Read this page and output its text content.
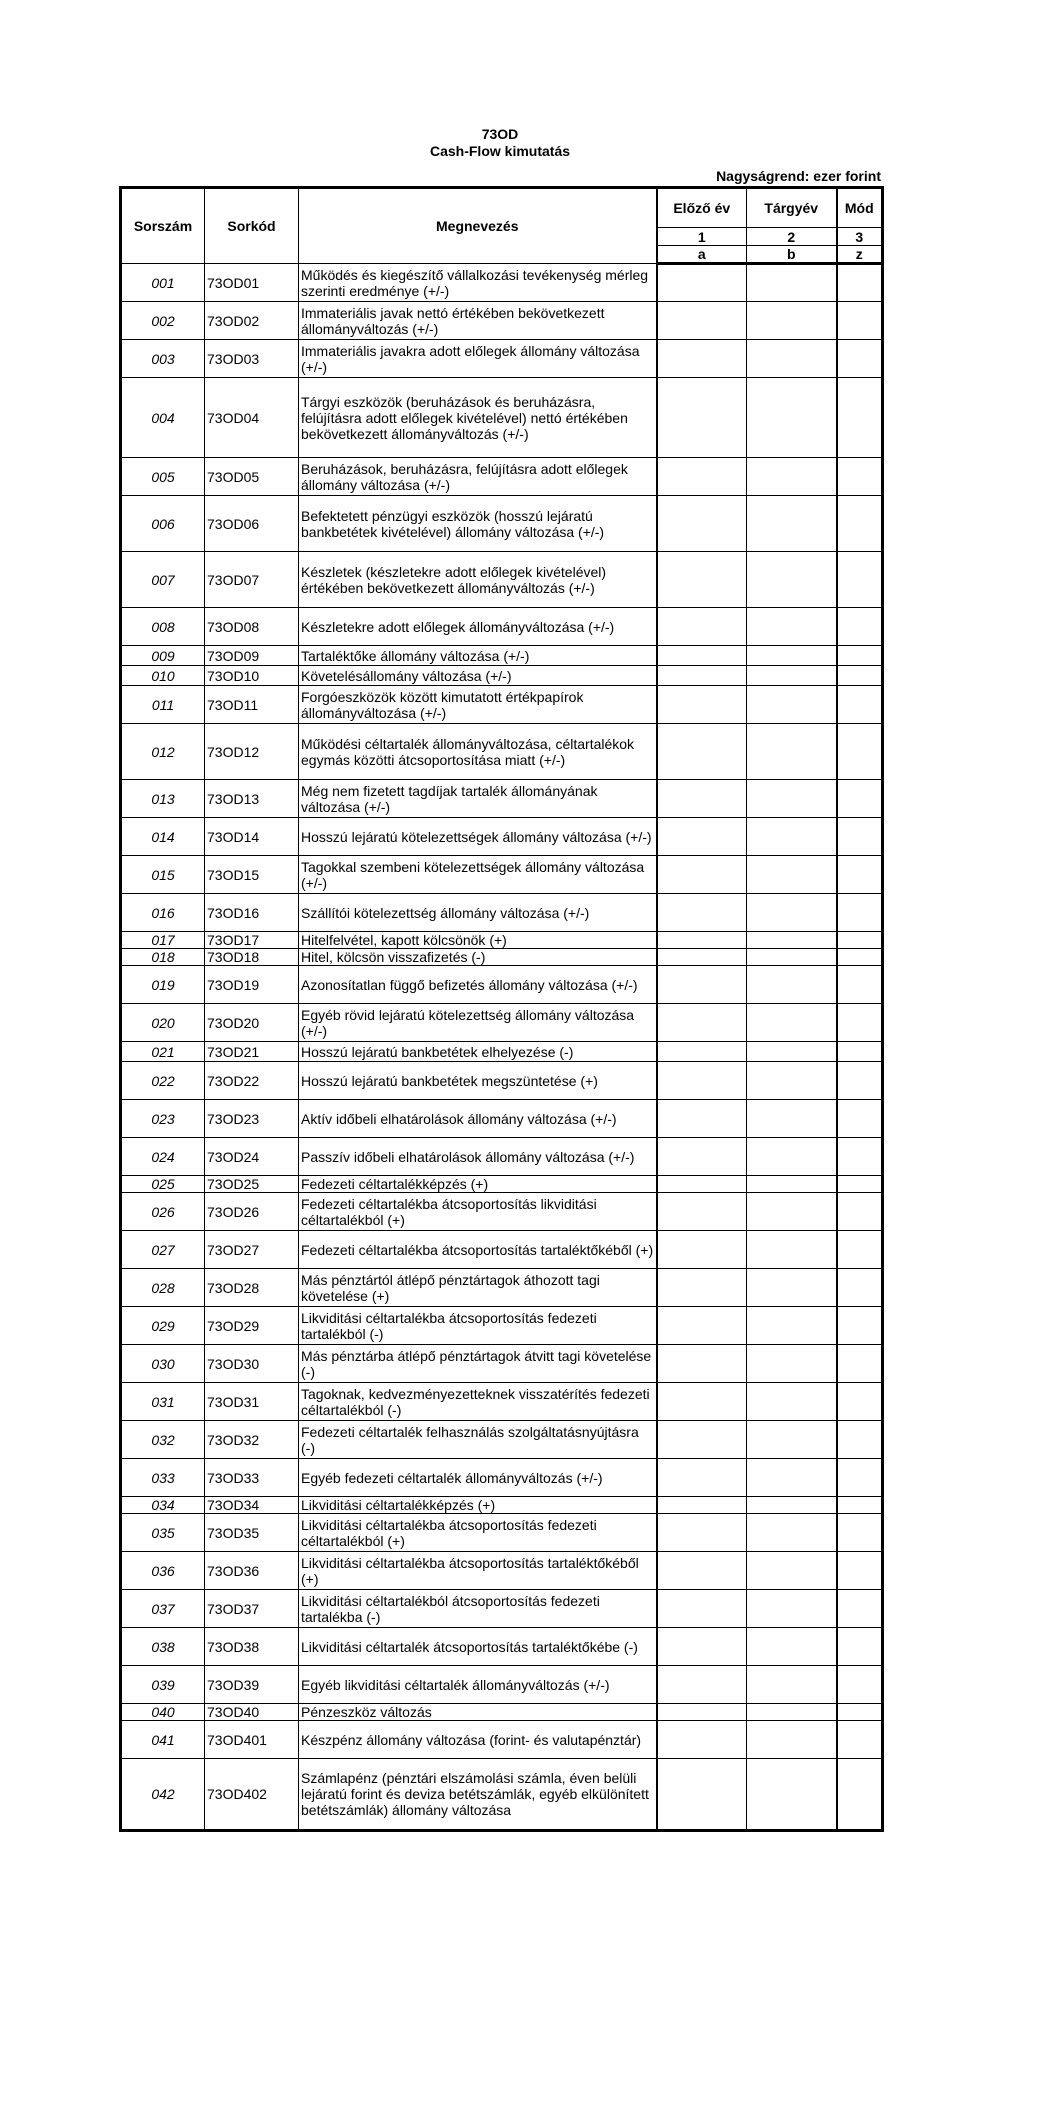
73OD
Cash-Flow kimutatás
Nagyságrend: ezer forint
Sorszám	Sorkód	Megnevezés	Előző év	Tárgyév	Mód
			1	2	3
			a	b	z
001	73OD01	Működés és kiegészítő vállalkozási tevékenység mérleg szerinti eredménye (+/-)			
002	73OD02	Immateriális javak nettó értékében bekövetkezett állományváltozás (+/-)			
003	73OD03	Immateriális javakra adott előlegek állomány változása (+/-)			
004	73OD04	Tárgyi eszközök (beruházások és beruházásra, felújításra adott előlegek kivételével) nettó értékében bekövetkezett állományváltozás (+/-)			
005	73OD05	Beruházások, beruházásra, felújításra adott előlegek állomány változása (+/-)			
006	73OD06	Befektetett pénzügyi eszközök (hosszú lejáratú bankbetétek kivételével) állomány változása (+/-)			
007	73OD07	Készletek (készletekre adott előlegek kivételével) értékében bekövetkezett állományváltozás (+/-)			
008	73OD08	Készletekre adott előlegek állományváltozása (+/-)			
009	73OD09	Tartaléktőke állomány változása (+/-)			
010	73OD10	Követelésállomány változása (+/-)			
011	73OD11	Forgóeszközök között kimutatott értékpapírok állományváltozása (+/-)			
012	73OD12	Működési céltartalék állományváltozása, céltartalékok egymás közötti átcsoportosítása miatt (+/-)			
013	73OD13	Még nem fizetett tagdíjak tartalék állományának változása (+/-)			
014	73OD14	Hosszú lejáratú kötelezettségek állomány változása (+/-)			
015	73OD15	Tagokkal szembeni kötelezettségek állomány változása (+/-)			
016	73OD16	Szállítói kötelezettség állomány változása (+/-)			
017	73OD17	Hitelfelvétel, kapott kölcsönök (+)			
018	73OD18	Hitel, kölcsön visszafizetés (-)			
019	73OD19	Azonosítatlan függő befizetés állomány változása (+/-)			
020	73OD20	Egyéb rövid lejáratú kötelezettség állomány változása (+/-)			
021	73OD21	Hosszú lejáratú bankbetétek elhelyezése (-)			
022	73OD22	Hosszú lejáratú bankbetétek megszüntetése (+)			
023	73OD23	Aktív időbeli elhatárolások állomány változása (+/-)			
024	73OD24	Passzív időbeli elhatárolások állomány változása (+/-)			
025	73OD25	Fedezeti céltartalékképzés (+)			
026	73OD26	Fedezeti céltartalékba átcsoportosítás likviditási céltartalékból (+)			
027	73OD27	Fedezeti céltartalékba átcsoportosítás tartaléktőkéből (+)			
028	73OD28	Más pénztártól átlépő pénztártagok áthozott tagi követelése (+)			
029	73OD29	Likviditási céltartalékba átcsoportosítás fedezeti tartalékból (-)			
030	73OD30	Más pénztárba átlépő pénztártagok átvitt tagi követelése (-)			
031	73OD31	Tagoknak, kedvezményezetteknek visszatérítés fedezeti céltartalékból (-)			
032	73OD32	Fedezeti céltartalék felhasználás szolgáltatásnyújtásra (-)			
033	73OD33	Egyéb fedezeti céltartalék állományváltozás (+/-)			
034	73OD34	Likviditási céltartalékképzés (+)			
035	73OD35	Likviditási céltartalékba átcsoportosítás fedezeti céltartalékból (+)			
036	73OD36	Likviditási céltartalékba átcsoportosítás tartaléktőkéből (+)			
037	73OD37	Likviditási céltartalékból átcsoportosítás fedezeti tartalékba (-)			
038	73OD38	Likviditási céltartalék átcsoportosítás tartaléktőkébe (-)			
039	73OD39	Egyéb likviditási céltartalék állományváltozás (+/-)			
040	73OD40	Pénzeszköz változás			
041	73OD401	Készpénz állomány változása (forint- és valutapénztár)			
042	73OD402	Számlapénz (pénztári elszámolási számla, éven belüli lejáratú forint és deviza betétszámlák, egyéb elkülönített betétszámlák) állomány változása			
